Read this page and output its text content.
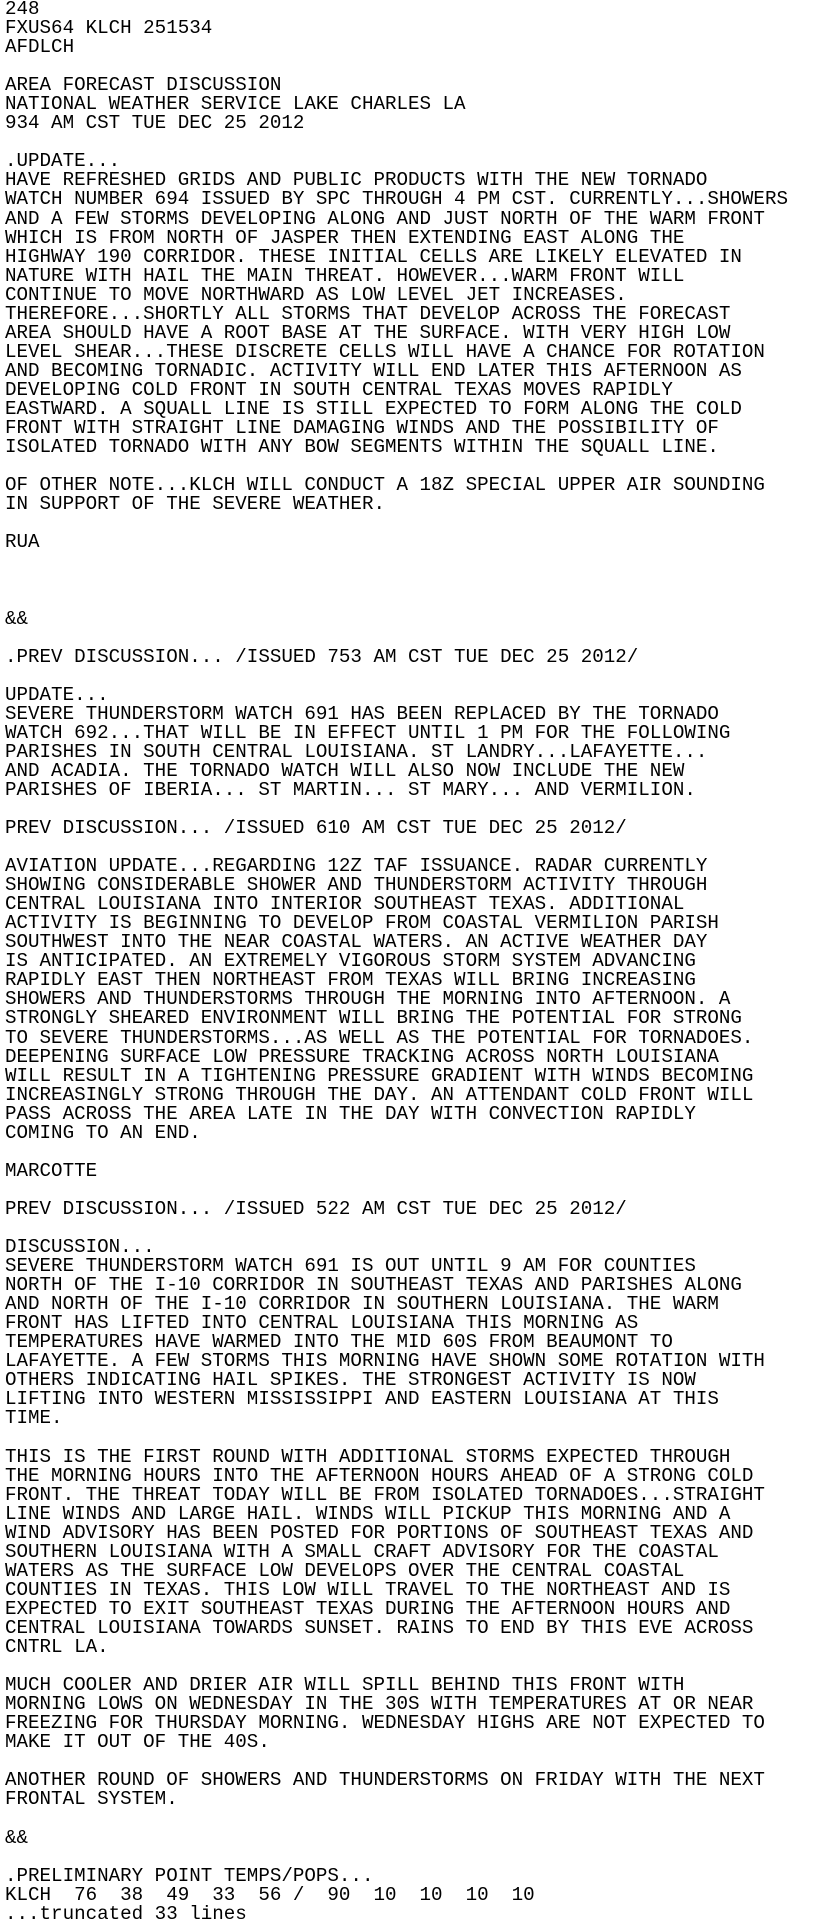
248
FXUS64 KLCH 251534
AFDLCH
AREA FORECAST DISCUSSION
NATIONAL WEATHER SERVICE LAKE CHARLES LA
934 AM CST TUE DEC 25 2012
.UPDATE...
HAVE REFRESHED GRIDS AND PUBLIC PRODUCTS WITH THE NEW TORNADO
WATCH NUMBER 694 ISSUED BY SPC THROUGH 4 PM CST. CURRENTLY...SHOWERS
AND A FEW STORMS DEVELOPING ALONG AND JUST NORTH OF THE WARM FRONT
WHICH IS FROM NORTH OF JASPER THEN EXTENDING EAST ALONG THE
HIGHWAY 190 CORRIDOR. THESE INITIAL CELLS ARE LIKELY ELEVATED IN
NATURE WITH HAIL THE MAIN THREAT. HOWEVER...WARM FRONT WILL
CONTINUE TO MOVE NORTHWARD AS LOW LEVEL JET INCREASES.
THEREFORE...SHORTLY ALL STORMS THAT DEVELOP ACROSS THE FORECAST
AREA SHOULD HAVE A ROOT BASE AT THE SURFACE. WITH VERY HIGH LOW
LEVEL SHEAR...THESE DISCRETE CELLS WILL HAVE A CHANCE FOR ROTATION
AND BECOMING TORNADIC. ACTIVITY WILL END LATER THIS AFTERNOON AS
DEVELOPING COLD FRONT IN SOUTH CENTRAL TEXAS MOVES RAPIDLY
EASTWARD. A SQUALL LINE IS STILL EXPECTED TO FORM ALONG THE COLD
FRONT WITH STRAIGHT LINE DAMAGING WINDS AND THE POSSIBILITY OF
ISOLATED TORNADO WITH ANY BOW SEGMENTS WITHIN THE SQUALL LINE.
OF OTHER NOTE...KLCH WILL CONDUCT A 18Z SPECIAL UPPER AIR SOUNDING
IN SUPPORT OF THE SEVERE WEATHER.
RUA
&&
.PREV DISCUSSION... /ISSUED 753 AM CST TUE DEC 25 2012/
UPDATE...
SEVERE THUNDERSTORM WATCH 691 HAS BEEN REPLACED BY THE TORNADO
WATCH 692...THAT WILL BE IN EFFECT UNTIL 1 PM FOR THE FOLLOWING
PARISHES IN SOUTH CENTRAL LOUISIANA. ST LANDRY...LAFAYETTE...
AND ACADIA. THE TORNADO WATCH WILL ALSO NOW INCLUDE THE NEW
PARISHES OF IBERIA... ST MARTIN... ST MARY... AND VERMILION.
PREV DISCUSSION... /ISSUED 610 AM CST TUE DEC 25 2012/
AVIATION UPDATE...REGARDING 12Z TAF ISSUANCE. RADAR CURRENTLY
SHOWING CONSIDERABLE SHOWER AND THUNDERSTORM ACTIVITY THROUGH
CENTRAL LOUISIANA INTO INTERIOR SOUTHEAST TEXAS. ADDITIONAL
ACTIVITY IS BEGINNING TO DEVELOP FROM COASTAL VERMILION PARISH
SOUTHWEST INTO THE NEAR COASTAL WATERS. AN ACTIVE WEATHER DAY
IS ANTICIPATED. AN EXTREMELY VIGOROUS STORM SYSTEM ADVANCING
RAPIDLY EAST THEN NORTHEAST FROM TEXAS WILL BRING INCREASING
SHOWERS AND THUNDERSTORMS THROUGH THE MORNING INTO AFTERNOON. A
STRONGLY SHEARED ENVIRONMENT WILL BRING THE POTENTIAL FOR STRONG
TO SEVERE THUNDERSTORMS...AS WELL AS THE POTENTIAL FOR TORNADOES.
DEEPENING SURFACE LOW PRESSURE TRACKING ACROSS NORTH LOUISIANA
WILL RESULT IN A TIGHTENING PRESSURE GRADIENT WITH WINDS BECOMING
INCREASINGLY STRONG THROUGH THE DAY. AN ATTENDANT COLD FRONT WILL
PASS ACROSS THE AREA LATE IN THE DAY WITH CONVECTION RAPIDLY
COMING TO AN END.
MARCOTTE
PREV DISCUSSION... /ISSUED 522 AM CST TUE DEC 25 2012/
DISCUSSION...
SEVERE THUNDERSTORM WATCH 691 IS OUT UNTIL 9 AM FOR COUNTIES
NORTH OF THE I-10 CORRIDOR IN SOUTHEAST TEXAS AND PARISHES ALONG
AND NORTH OF THE I-10 CORRIDOR IN SOUTHERN LOUISIANA. THE WARM
FRONT HAS LIFTED INTO CENTRAL LOUISIANA THIS MORNING AS
TEMPERATURES HAVE WARMED INTO THE MID 60S FROM BEAUMONT TO
LAFAYETTE. A FEW STORMS THIS MORNING HAVE SHOWN SOME ROTATION WITH
OTHERS INDICATING HAIL SPIKES. THE STRONGEST ACTIVITY IS NOW
LIFTING INTO WESTERN MISSISSIPPI AND EASTERN LOUISIANA AT THIS
TIME.
THIS IS THE FIRST ROUND WITH ADDITIONAL STORMS EXPECTED THROUGH
THE MORNING HOURS INTO THE AFTERNOON HOURS AHEAD OF A STRONG COLD
FRONT. THE THREAT TODAY WILL BE FROM ISOLATED TORNADOES...STRAIGHT
LINE WINDS AND LARGE HAIL. WINDS WILL PICKUP THIS MORNING AND A
WIND ADVISORY HAS BEEN POSTED FOR PORTIONS OF SOUTHEAST TEXAS AND
SOUTHERN LOUISIANA WITH A SMALL CRAFT ADVISORY FOR THE COASTAL
WATERS AS THE SURFACE LOW DEVELOPS OVER THE CENTRAL COASTAL
COUNTIES IN TEXAS. THIS LOW WILL TRAVEL TO THE NORTHEAST AND IS
EXPECTED TO EXIT SOUTHEAST TEXAS DURING THE AFTERNOON HOURS AND
CENTRAL LOUISIANA TOWARDS SUNSET. RAINS TO END BY THIS EVE ACROSS
CNTRL LA.
MUCH COOLER AND DRIER AIR WILL SPILL BEHIND THIS FRONT WITH
MORNING LOWS ON WEDNESDAY IN THE 30S WITH TEMPERATURES AT OR NEAR
FREEZING FOR THURSDAY MORNING. WEDNESDAY HIGHS ARE NOT EXPECTED TO
MAKE IT OUT OF THE 40S.
ANOTHER ROUND OF SHOWERS AND THUNDERSTORMS ON FRIDAY WITH THE NEXT
FRONTAL SYSTEM.
&&
.PRELIMINARY POINT TEMPS/POPS...
KLCH  76  38  49  33  56 /  90  10  10  10  10
...truncated 33 lines
